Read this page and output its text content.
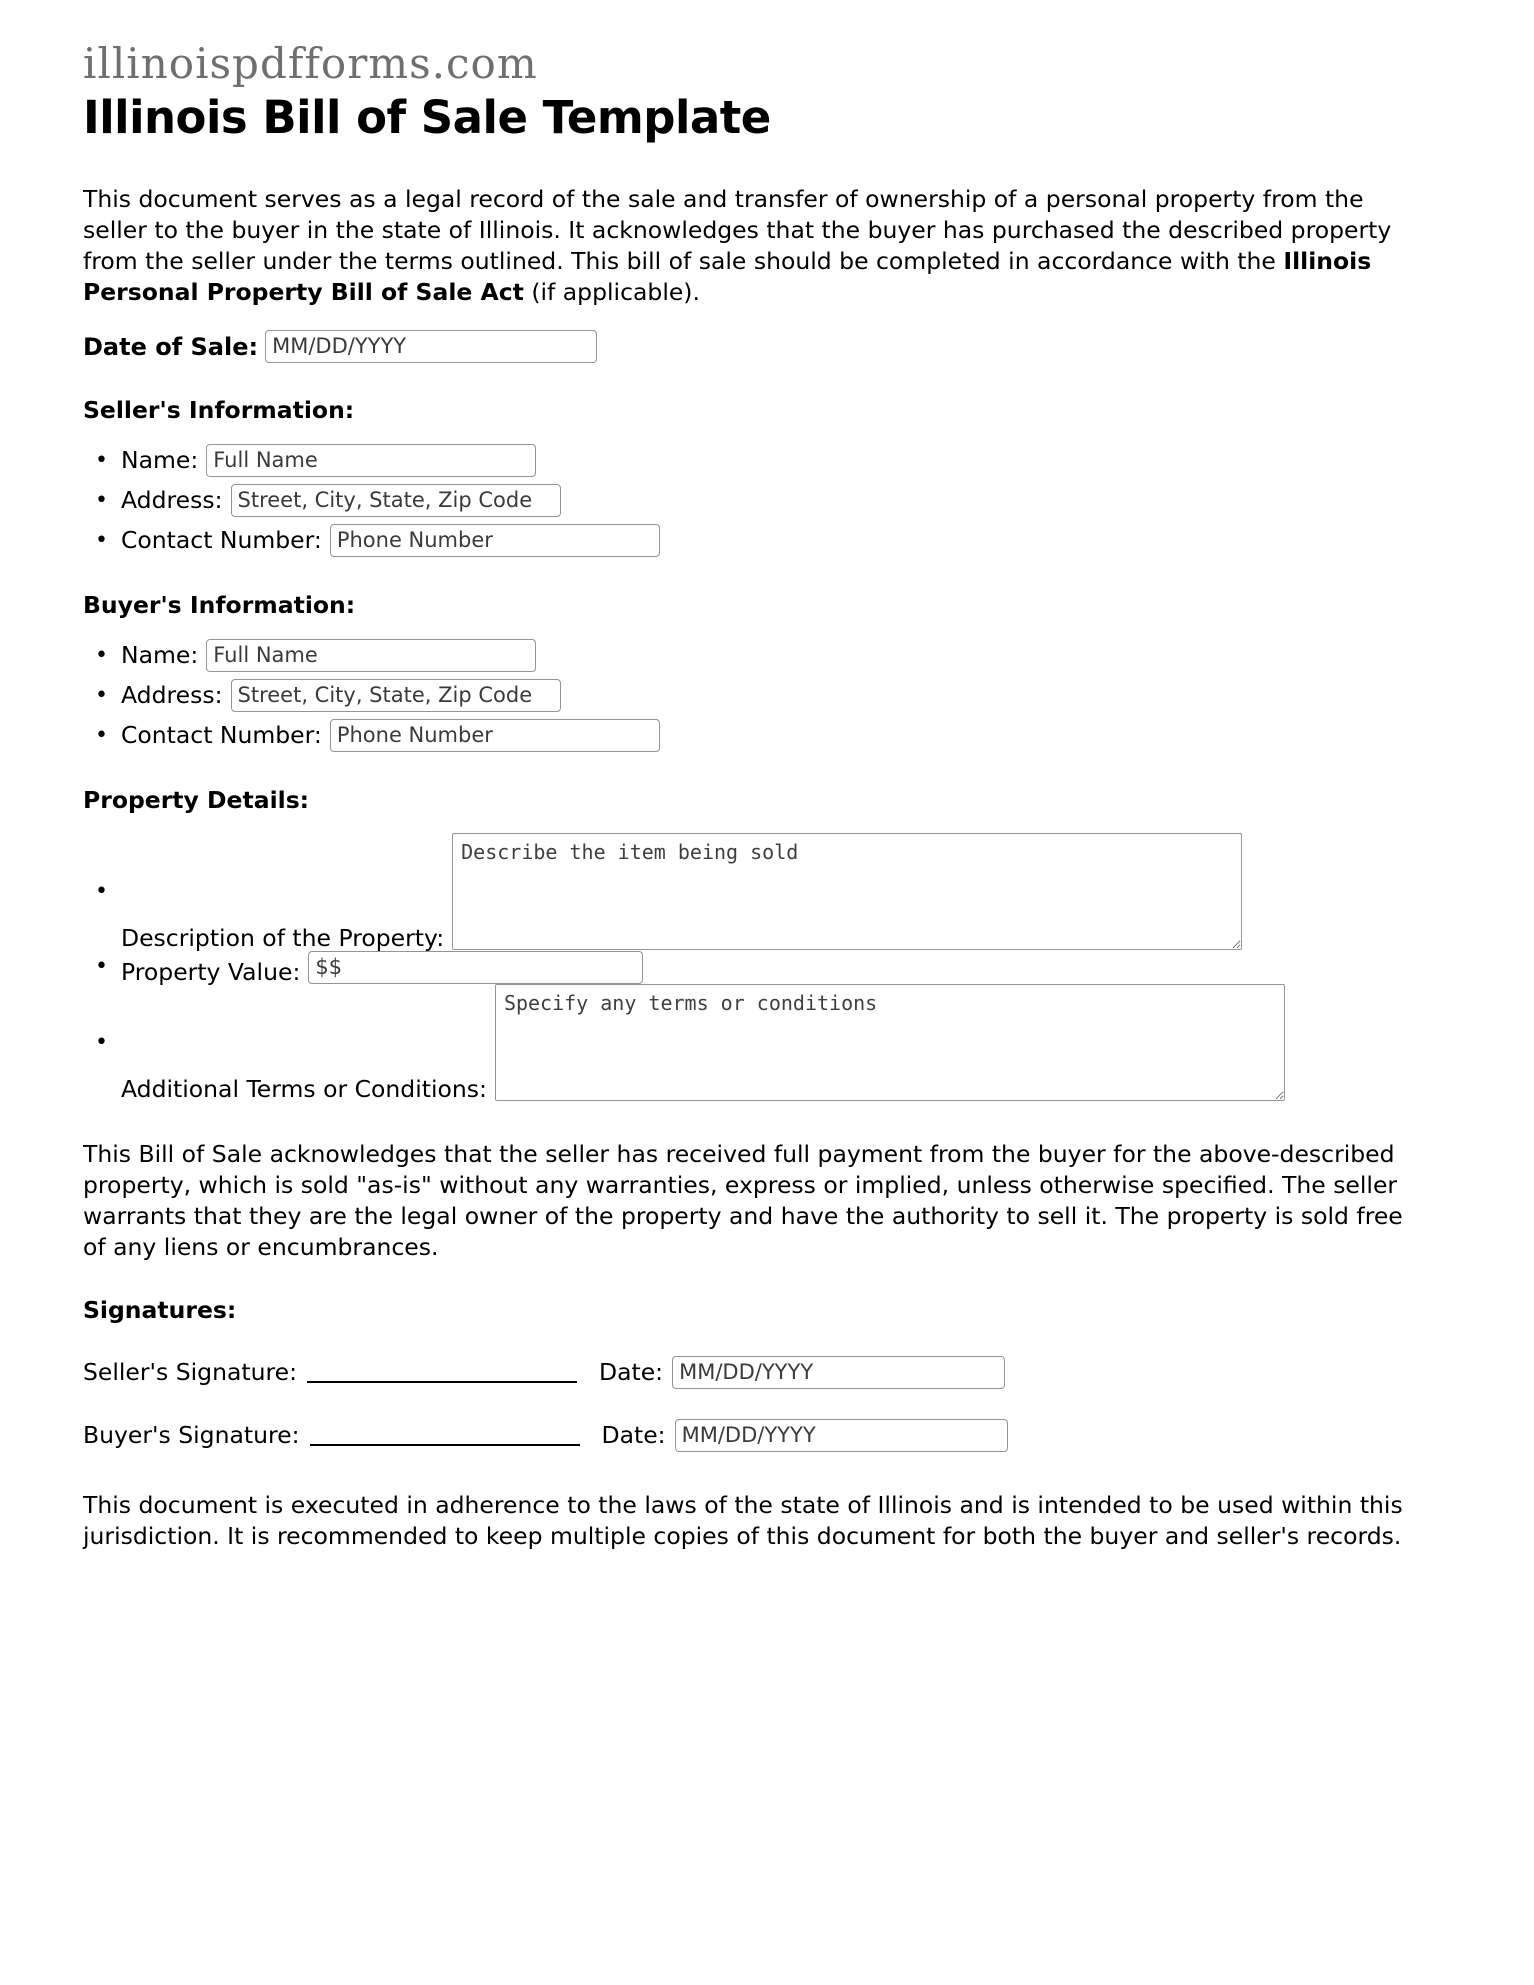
illinoispdfforms.com
Illinois Bill of Sale Template

This document serves as a legal record of the sale and transfer of ownership of a personal property from the seller to the buyer in the state of Illinois. It acknowledges that the buyer has purchased the described property from the seller under the terms outlined. This bill of sale should be completed in accordance with the Illinois Personal Property Bill of Sale Act (if applicable).

Date of Sale:
MM/DD/YYYY
Seller's Information:
• Name:
Full Name
• Address:
Street, City, State, Zip Code
• Contact Number:
Phone Number
Buyer's Information:
• Name:
Full Name
• Address:
Street, City, State, Zip Code
• Contact Number:
Phone Number
Property Details:
• Description of the Property:
Describe the item being sold
• Property Value:
$$
• Additional Terms or Conditions:
Specify any terms or conditions

This Bill of Sale acknowledges that the seller has received full payment from the buyer for the above-described property, which is sold "as-is" without any warranties, express or implied, unless otherwise specified. The seller warrants that they are the legal owner of the property and have the authority to sell it. The property is sold free of any liens or encumbrances.

Signatures:
Seller's Signature:	Date:
MM/DD/YYYY
Buyer's Signature:	Date:
MM/DD/YYYY

This document is executed in adherence to the laws of the state of Illinois and is intended to be used within this jurisdiction. It is recommended to keep multiple copies of this document for both the buyer and seller's records.
